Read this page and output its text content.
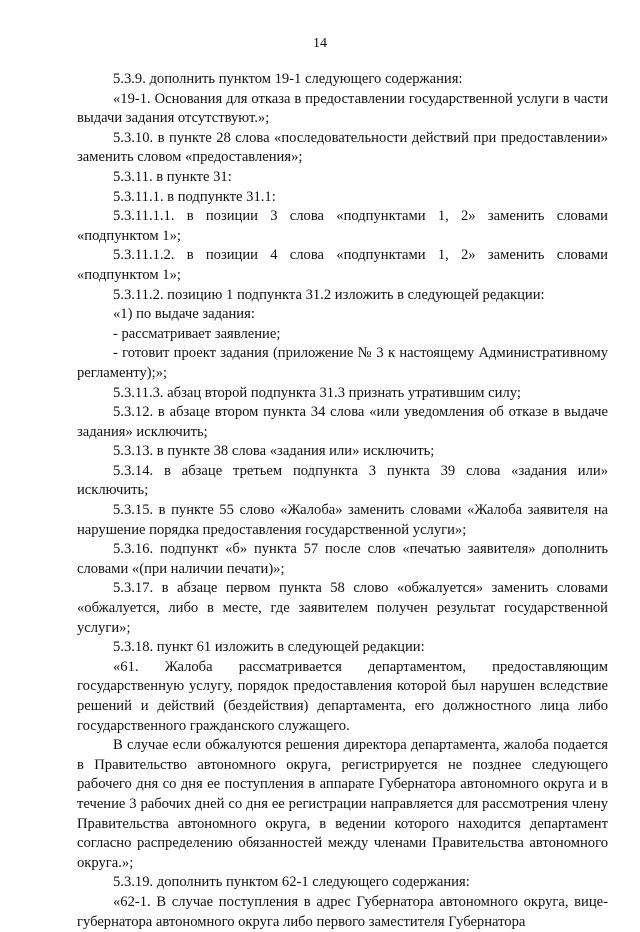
14

5.3.9. дополнить пунктом 19-1 следующего содержания:

«19-1. Основания для отказа в предоставлении государственной услуги в части выдачи задания отсутствуют.»;

5.3.10. в пункте 28 слова «последовательности действий при предоставлении» заменить словом «предоставления»;

5.3.11. в пункте 31:

5.3.11.1. в подпункте 31.1:

5.3.11.1.1. в позиции 3 слова «подпунктами 1, 2» заменить словами «подпунктом 1»;

5.3.11.1.2. в позиции 4 слова «подпунктами 1, 2» заменить словами «подпунктом 1»;

5.3.11.2. позицию 1 подпункта 31.2 изложить в следующей редакции:

«1) по выдаче задания:

- рассматривает заявление;

- готовит проект задания (приложение № 3 к настоящему Административному регламенту);»;

5.3.11.3. абзац второй подпункта 31.3 признать утратившим силу;

5.3.12. в абзаце втором пункта 34 слова «или уведомления об отказе в выдаче задания» исключить;

5.3.13. в пункте 38 слова «задания или» исключить;

5.3.14. в абзаце третьем подпункта 3 пункта 39 слова «задания или» исключить;

5.3.15. в пункте 55 слово «Жалоба» заменить словами «Жалоба заявителя на нарушение порядка предоставления государственной услуги»;

5.3.16. подпункт «б» пункта 57 после слов «печатью заявителя» дополнить словами «(при наличии печати)»;

5.3.17. в абзаце первом пункта 58 слово «обжалуется» заменить словами «обжалуется, либо в месте, где заявителем получен результат государственной услуги»;

5.3.18. пункт 61 изложить в следующей редакции:

«61. Жалоба рассматривается департаментом, предоставляющим государственную услугу, порядок предоставления которой был нарушен вследствие решений и действий (бездействия) департамента, его должностного лица либо государственного гражданского служащего.

В случае если обжалуются решения директора департамента, жалоба подается в Правительство автономного округа, регистрируется не позднее следующего рабочего дня со дня ее поступления в аппарате Губернатора автономного округа и в течение 3 рабочих дней со дня ее регистрации направляется для рассмотрения члену Правительства автономного округа, в ведении которого находится департамент согласно распределению обязанностей между членами Правительства автономного округа.»;

5.3.19. дополнить пунктом 62-1 следующего содержания:

«62-1. В случае поступления в адрес Губернатора автономного округа, вице-губернатора автономного округа либо первого заместителя Губернатора
